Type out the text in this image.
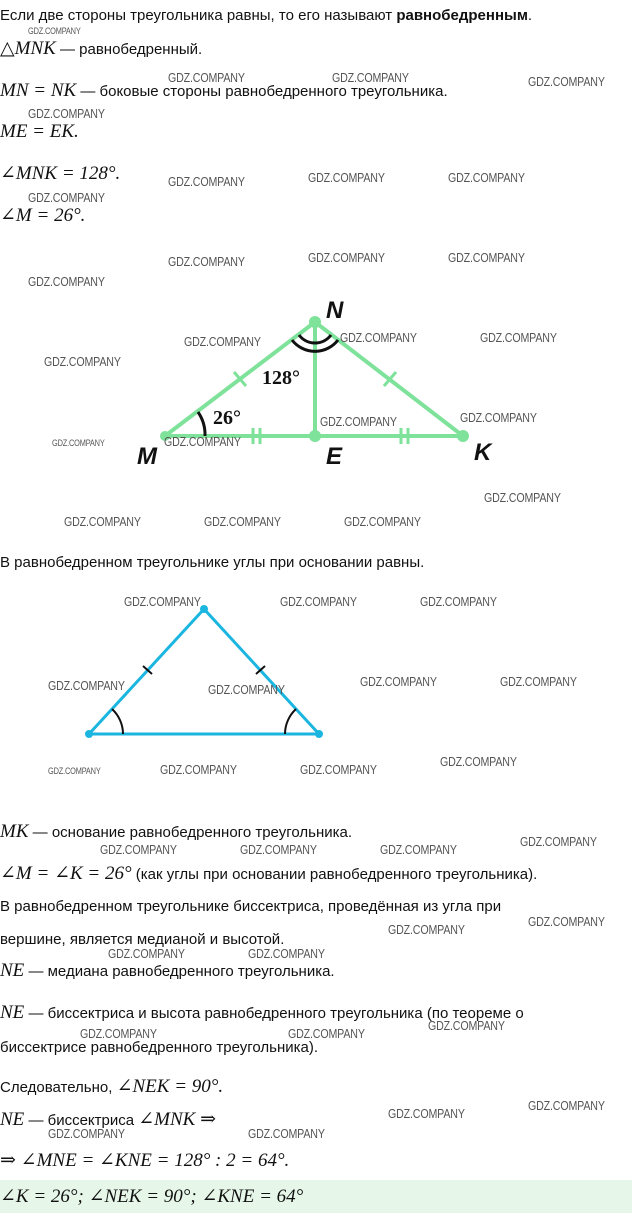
Если две стороны треугольника равны, то его называют равнобедренным.
△MNK — равнобедренный.
MN = NK — боковые стороны равнобедренного треугольника.
ME = EK.
∠MNK = 128°.
∠M = 26°.
N
M	E	K
128°
26°
В равнобедренном треугольнике углы при основании равны.
MK — основание равнобедренного треугольника.
∠M = ∠K = 26° (как углы при основании равнобедренного треугольника).
В равнобедренном треугольнике биссектриса, проведённая из угла при
вершине, является медианой и высотой.
NE — медиана равнобедренного треугольника.
NE — биссектриса и высота равнобедренного треугольника (по теореме о
биссектрисе равнобедренного треугольника).
Следовательно, ∠NEK = 90°.
NE — биссектриса ∠MNK ⇒
⇒ ∠MNE = ∠KNE = 128° : 2 = 64°.
∠K = 26°; ∠NEK = 90°; ∠KNE = 64°
GDZ.COMPANY
GDZ.COMPANY	GDZ.COMPANY	GDZ.COMPANY
GDZ.COMPANY
GDZ.COMPANY	GDZ.COMPANY	GDZ.COMPANY
GDZ.COMPANY
GDZ.COMPANY	GDZ.COMPANY	GDZ.COMPANY
GDZ.COMPANY
GDZ.COMPANY	GDZ.COMPANY	GDZ.COMPANY
GDZ.COMPANY
GDZ.COMPANY	GDZ.COMPANY
GDZ.COMPANY
GDZ.COMPANY
GDZ.COMPANY
GDZ.COMPANY	GDZ.COMPANY	GDZ.COMPANY
GDZ.COMPANY	GDZ.COMPANY	GDZ.COMPANY
GDZ.COMPANY	GDZ.COMPANY
GDZ.COMPANY	GDZ.COMPANY
GDZ.COMPANY
GDZ.COMPANY	GDZ.COMPANY
GDZ.COMPANY
GDZ.COMPANY
GDZ.COMPANY	GDZ.COMPANY	GDZ.COMPANY
GDZ.COMPANY
GDZ.COMPANY
GDZ.COMPANY	GDZ.COMPANY
GDZ.COMPANY
GDZ.COMPANY	GDZ.COMPANY
GDZ.COMPANY
GDZ.COMPANY
GDZ.COMPANY	GDZ.COMPANY
